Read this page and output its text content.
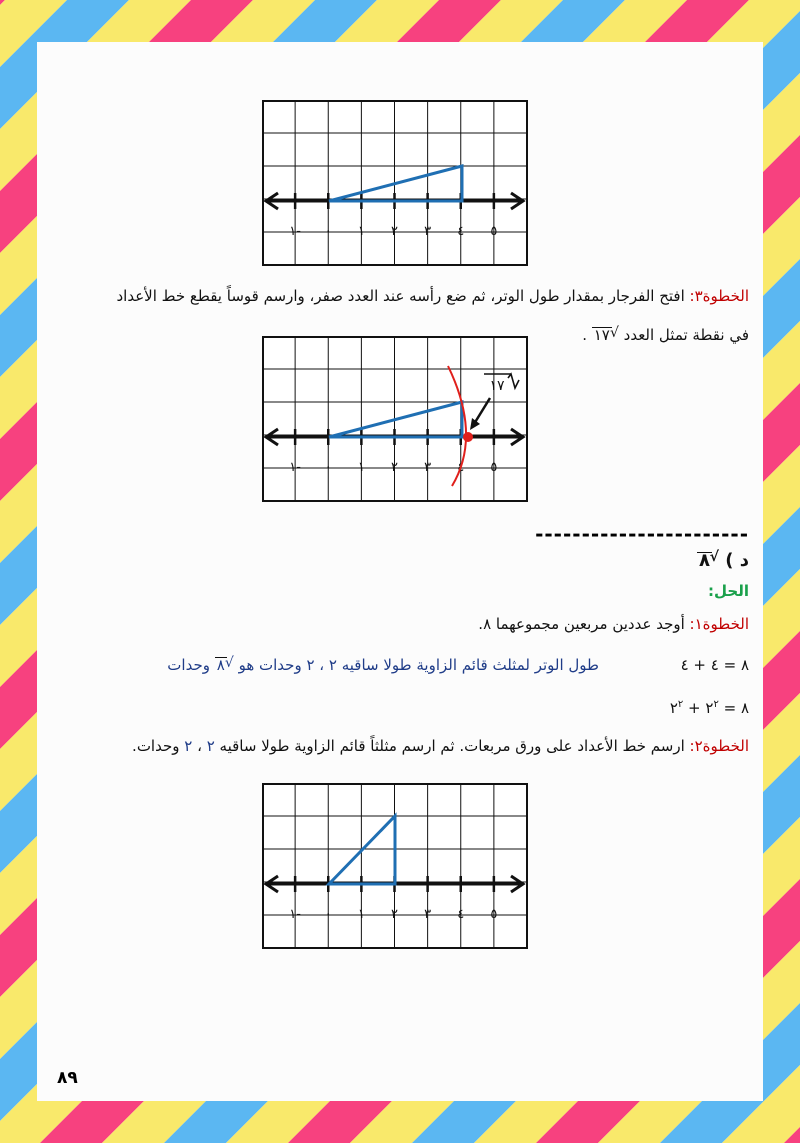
-١ ٠ ١ ٢ ٣ ٤ ٥
الخطوة٣: افتح الفرجار بمقدار طول الوتر، ثم ضع رأسه عند العدد صفر، وارسم قوساً يقطع خط الأعداد
في نقطة تمثل العدد
√
١٧ .
-١ ٠ ١ ٢ ٣ ٤ ٥
١٧
-----------------------
د )
√
٨
الحل:
الخطوة١: أوجد عددين مربعين مجموعهما ٨.
٨ = ٤ + ٤
طول الوتر لمثلث قائم الزاوية طولا ساقيه ٢ ، ٢ وحدات هو
√
٨ وحدات
٨ = $٢^٢$ + $٢^٢$
الخطوة٢: ارسم خط الأعداد على ورق مربعات. ثم ارسم مثلثاً قائم الزاوية طولا ساقيه ٢ ، ٢ وحدات.
-١ ٠ ١ ٢ ٣ ٤ ٥
٨٩
